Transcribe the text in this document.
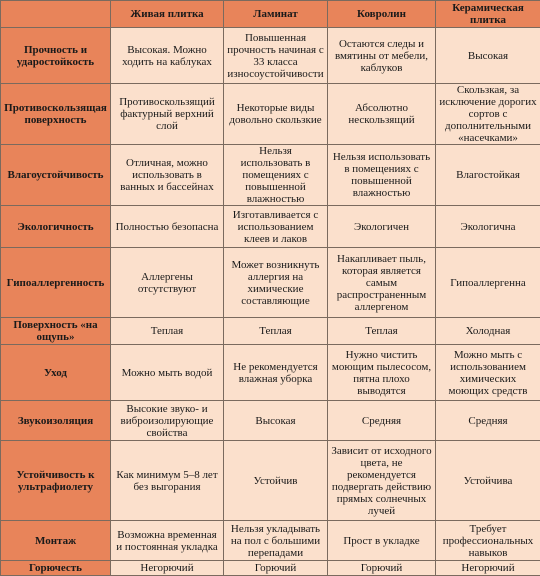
	Живая плитка	Ламинат	Ковролин	Керамическая плитка
Прочность и ударостойкость	Высокая. Можно ходить на каблуках	Повышенная прочность начиная с 33 класса износоустойчивости	Остаются следы и вмятины от мебели, каблуков	Высокая
Противоскользящая поверхность	Противоскользящий фактурный верхний слой	Некоторые виды довольно скользкие	Абсолютно нескользящий	Скользкая, за исключение дорогих сортов с дополнительными «насечками»
Влагоустойчивость	Отличная, можно использовать в ванных и бассейнах	Нельзя использовать в помещениях с повышенной влажностью	Нельзя использовать в помещениях с повышенной влажностью	Влагостойкая
Экологичность	Полностью безопасна	Изготавливается с использованием клеев и лаков	Экологичен	Экологична
Гипоаллергенность	Аллергены отсутствуют	Может возникнуть аллергия на химические составляющие	Накапливает пыль, которая является самым распространенным аллергеном	Гипоаллергенна
Поверхность «на ощупь»	Теплая	Теплая	Теплая	Холодная
Уход	Можно мыть водой	Не рекомендуется влажная уборка	Нужно чистить моющим пылесосом, пятна плохо выводятся	Можно мыть с использованием химических моющих средств
Звукоизоляция	Высокие звуко- и виброизолирующие свойства	Высокая	Средняя	Средняя
Устойчивость к ультрафиолету	Как минимум 5–8 лет без выгорания	Устойчив	Зависит от исходного цвета, не рекомендуется подвергать действию прямых солнечных лучей	Устойчива
Монтаж	Возможна временная и постоянная укладка	Нельзя укладывать на пол с большими перепадами	Прост в укладке	Требует профессиональных навыков
Горючесть	Негорючий	Горючий	Горючий	Негорючий
